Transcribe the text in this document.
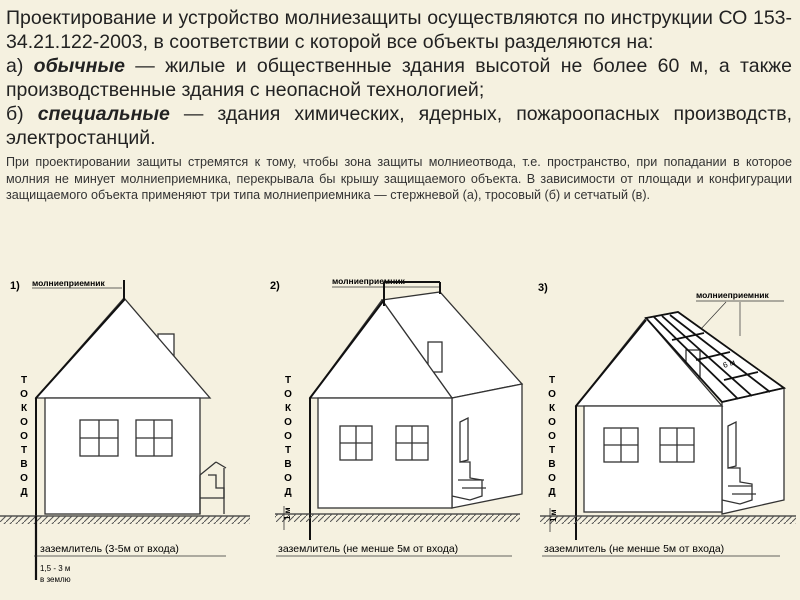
Проектирование и устройство молниезащиты осуществляются по инструкции СО 153-34.21.122-2003, в соответствии с которой все объекты разделяются на:
а) обычные — жилые и общественные здания высотой не более 60 м, а также производственные здания с неопасной технологией;
б) специальные — здания химических, ядерных, пожароопасных производств, электростанций.

При проектировании защиты стремятся к тому, чтобы зона защиты молниеотвода, т.е. пространство, при попадании в которое молния не минует молниеприемника, перекрывала бы крышу защищаемого объекта. В зависимости от площади и конфигурации защищаемого объекта применяют три типа молниеприемника — стержневой (а), тросовый (б) и сетчатый (в).

1) молниеприемник
Т
О
К
О
О
Т
В
О
Д
заземлитель (3-5м от входа)
1,5 - 3 м
в землю
2)	молниеприемник
Т
О
К
О
О
Т
В
О
Д
1 м
заземлитель (не менше 5м от входа)
3)
молниеприемник
6 м
Т
О
К
О
О
Т
В
О
Д
1 м
заземлитель (не менше 5м от входа)
